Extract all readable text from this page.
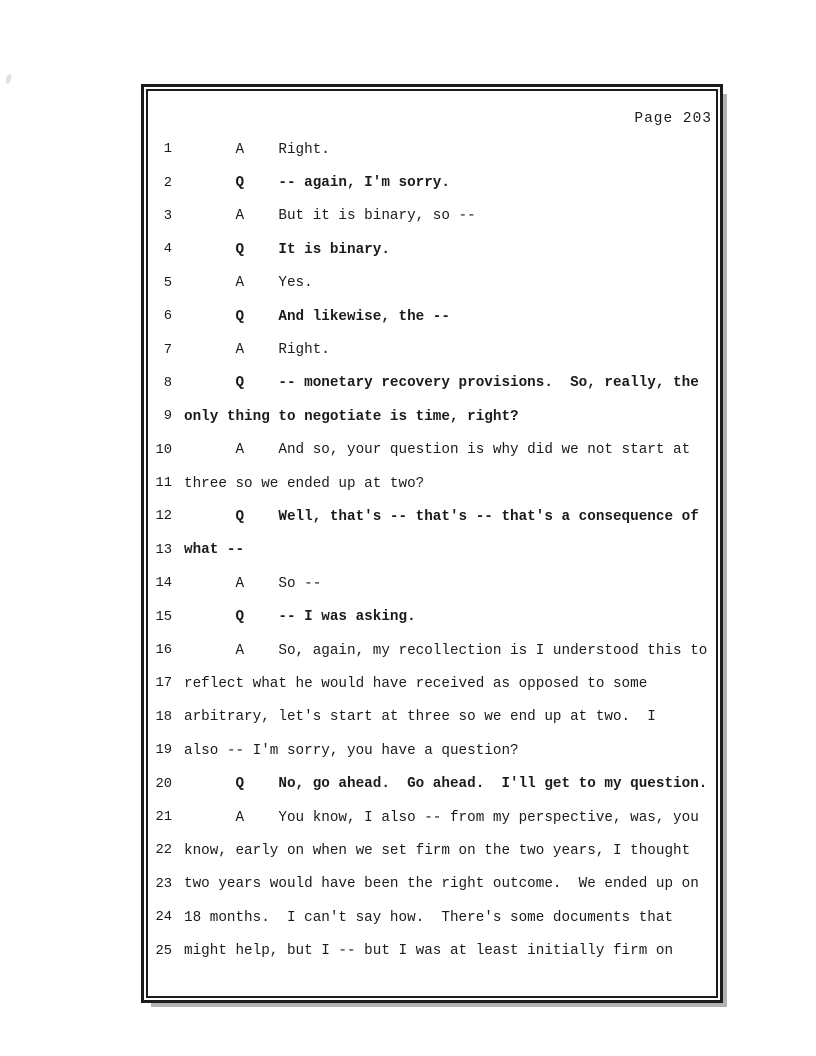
Page 203
1	A Right.
2	Q -- again, I'm sorry.
3	A But it is binary, so --
4	Q It is binary.
5	A Yes.
6	Q And likewise, the --
7	A Right.
8	Q -- monetary recovery provisions.  So, really, the
9 only thing to negotiate is time, right?
10	A And so, your question is why did we not start at
11 three so we ended up at two?
12	Q Well, that's -- that's -- that's a consequence of
13 what --
14	A So --
15	Q -- I was asking.
16	A So, again, my recollection is I understood this to
17 reflect what he would have received as opposed to some
18 arbitrary, let's start at three so we end up at two.  I
19 also -- I'm sorry, you have a question?
20	Q No, go ahead.  Go ahead.  I'll get to my question.
21	A You know, I also -- from my perspective, was, you
22 know, early on when we set firm on the two years, I thought
23 two years would have been the right outcome.  We ended up on
24 18 months.  I can't say how.  There's some documents that
25 might help, but I -- but I was at least initially firm on
